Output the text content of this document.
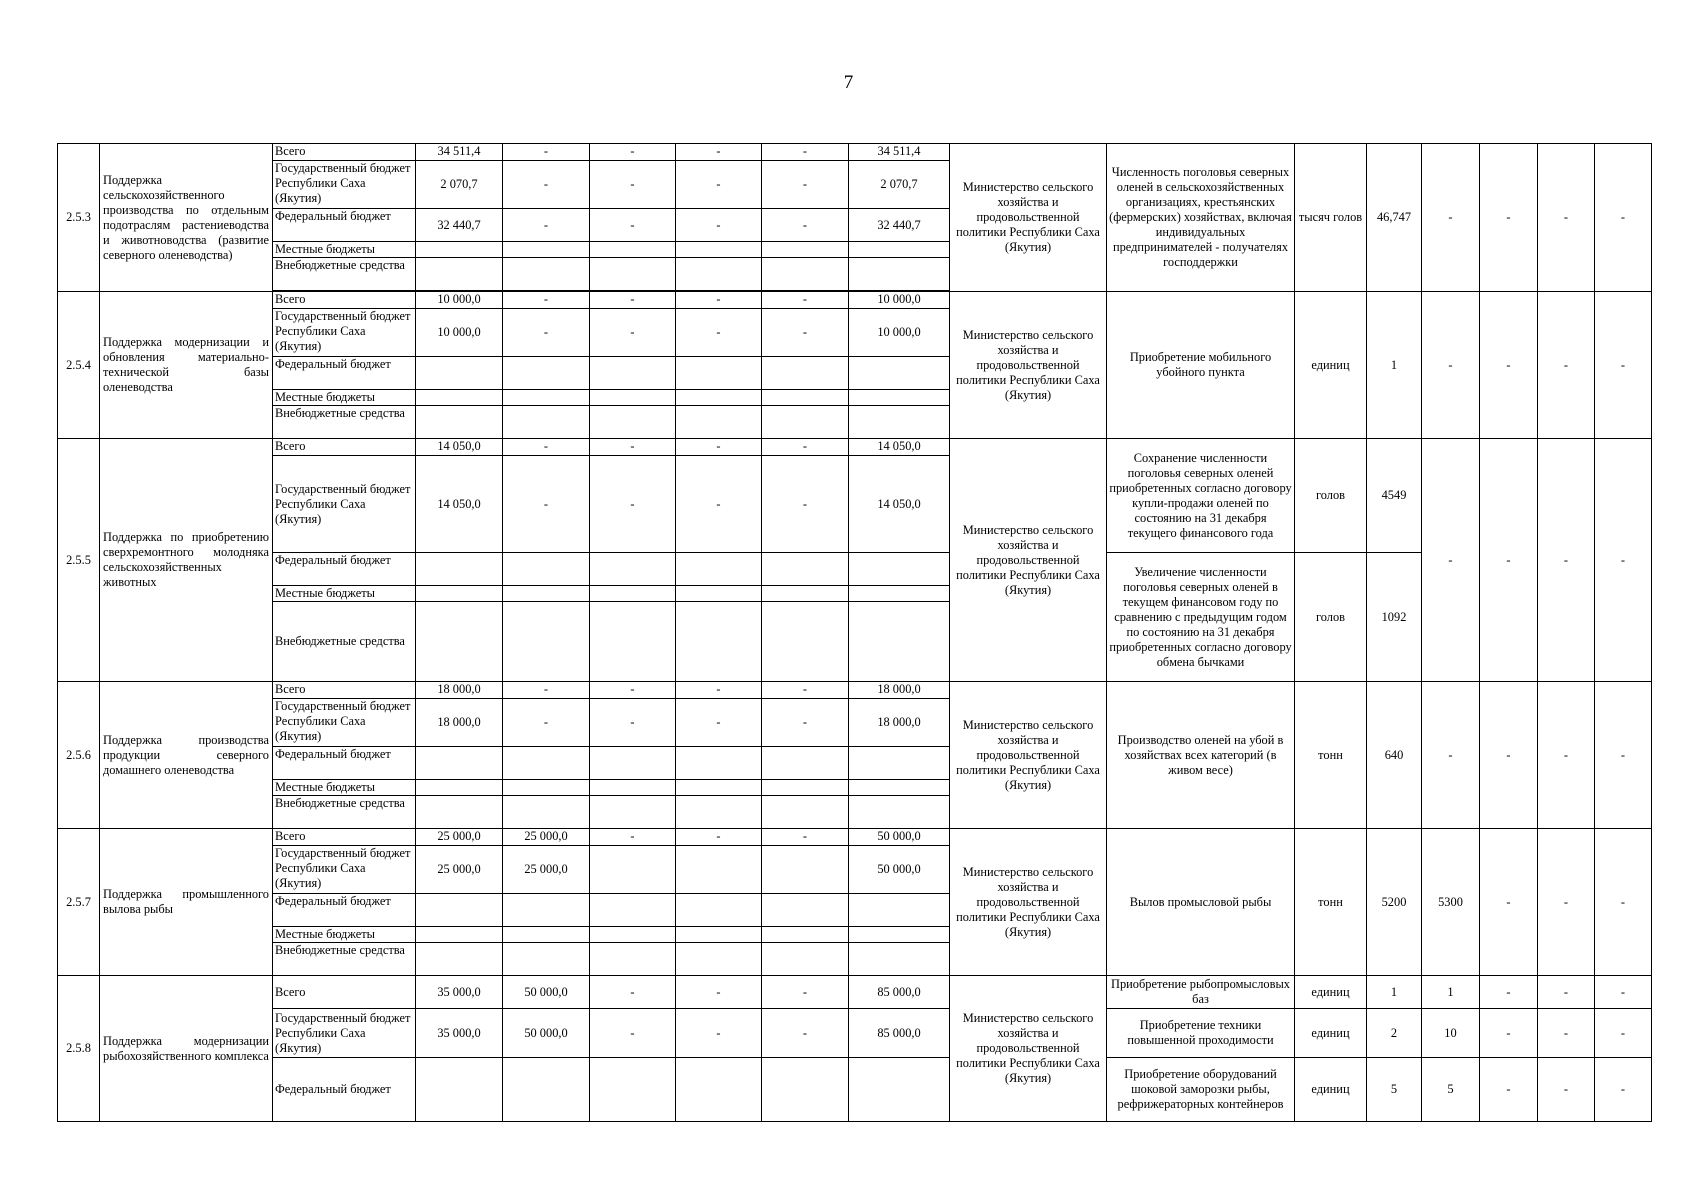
7
2.5.3	Поддержка сельскохозяйственного производства по отдельным подотраслям растениеводства и животноводства (развитие северного оленеводства)	Всего	34 511,4	-	-	-	-	34 511,4	Министерство сельского хозяйства и продовольственной политики Республики Саха (Якутия)	Численность поголовья северных оленей в сельскохозяйственных организациях, крестьянских (фермерских) хозяйствах, включая индивидуальных предпринимателей - получателях господдержки	тысяч голов	46,747	-	-	-	-
		Государственный бюджет Республики Саха (Якутия)	2 070,7	-	-	-	-	2 070,7								
		Федеральный бюджет	32 440,7	-	-	-	-	32 440,7								
		Местные бюджеты														
		Внебюджетные средства														

2.5.4	Поддержка модернизации и обновления материально-технической базы оленеводства	Всего	10 000,0	-	-	-	-	10 000,0	Министерство сельского хозяйства и продовольственной политики Республики Саха (Якутия)	Приобретение мобильного убойного пункта	единиц	1	-	-	-	-
		Государственный бюджет Республики Саха (Якутия)	10 000,0	-	-	-	-	10 000,0								
		Федеральный бюджет														
		Местные бюджеты														
		Внебюджетные средства														
2.5.5	Поддержка по приобретению сверхремонтного молодняка сельскохозяйственных животных	Всего	14 050,0	-	-	-	-	14 050,0	Министерство сельского хозяйства и продовольственной политики Республики Саха (Якутия)	Сохранение численности поголовья северных оленей приобретенных согласно договору купли-продажи оленей по состоянию на 31 декабря текущего финансового года	голов	4549	-	-	-	-
		Государственный бюджет Республики Саха (Якутия)	14 050,0	-	-	-	-	14 050,0								
		Федеральный бюджет								Увеличение численности поголовья северных оленей в текущем финансовом году по сравнению с предыдущим годом по состоянию на 31 декабря приобретенных согласно договору обмена бычками	голов	1092				
		Местные бюджеты														
		Внебюджетные средства														
2.5.6	Поддержка производства продукции северного домашнего оленеводства	Всего	18 000,0	-	-	-	-	18 000,0	Министерство сельского хозяйства и продовольственной политики Республики Саха (Якутия)	Производство оленей на убой в хозяйствах всех категорий (в живом весе)	тонн	640	-	-	-	-
		Государственный бюджет Республики Саха (Якутия)	18 000,0	-	-	-	-	18 000,0								
		Федеральный бюджет														
		Местные бюджеты														
		Внебюджетные средства														
2.5.7	Поддержка промышленного вылова рыбы	Всего	25 000,0	25 000,0	-	-	-	50 000,0	Министерство сельского хозяйства и продовольственной политики Республики Саха (Якутия)	Вылов промысловой рыбы	тонн	5200	5300	-	-	-
		Государственный бюджет Республики Саха (Якутия)	25 000,0	25 000,0				50 000,0								
		Федеральный бюджет														
		Местные бюджеты														
		Внебюджетные средства														
2.5.8	Поддержка модернизации рыбохозяйственного комплекса	Всего	35 000,0	50 000,0	-	-	-	85 000,0	Министерство сельского хозяйства и продовольственной политики Республики Саха (Якутия)	Приобретение рыбопромысловых баз	единиц	1	1	-	-	-
		Государственный бюджет Республики Саха (Якутия)	35 000,0	50 000,0	-	-	-	85 000,0		Приобретение техники повышенной проходимости	единиц	2	10	-	-	-
		Федеральный бюджет								Приобретение оборудований шоковой заморозки рыбы, рефрижераторных контейнеров	единиц	5	5	-	-	-
